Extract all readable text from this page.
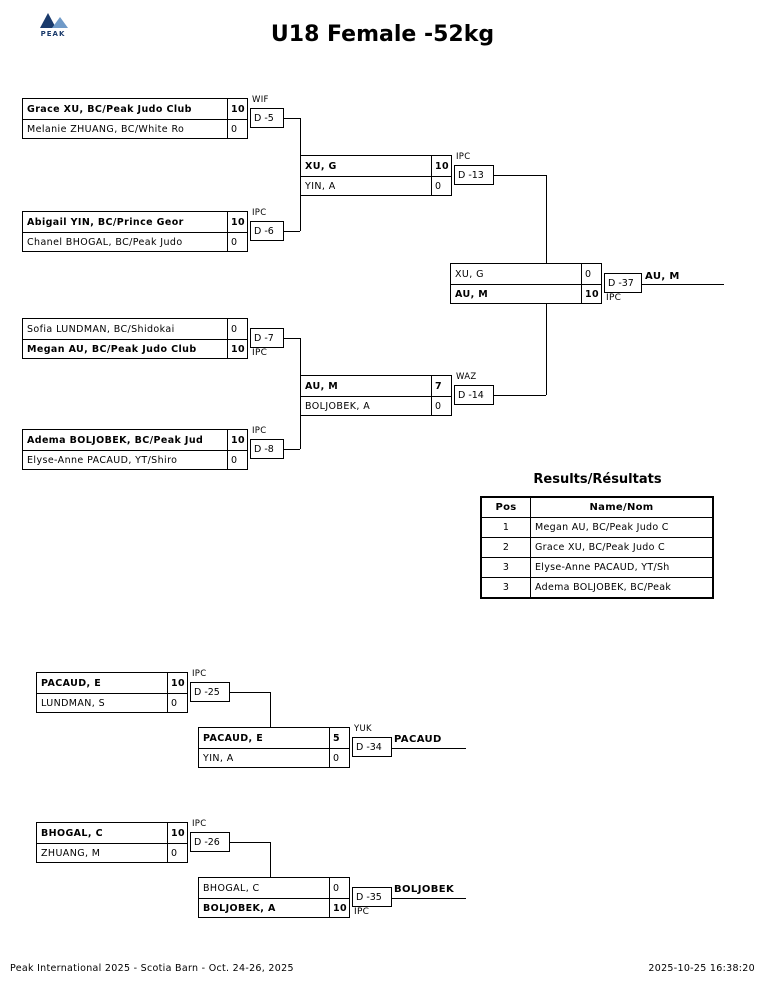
PEAK	U18 Female -52kg
Grace XU, BC/Peak Judo Club	10
Melanie ZHUANG, BC/White Ro	0
WIF
D -5
Abigail YIN, BC/Prince Geor	10
Chanel BHOGAL, BC/Peak Judo	0
IPC
D -6
Sofia LUNDMAN, BC/Shidokai	0
Megan AU, BC/Peak Judo Club	10
D -7
IPC
Adema BOLJOBEK, BC/Peak Jud	10
Elyse-Anne PACAUD, YT/Shiro	0
IPC
D -8
XU, G	10
YIN, A	0
IPC
D -13
AU, M	7
BOLJOBEK, A	0
WAZ
D -14
XU, G	0
AU, M	10
D -37
IPC
AU, M
Results/Résultats
Pos	Name/Nom
1	Megan AU, BC/Peak Judo C
2	Grace XU, BC/Peak Judo C
3	Elyse-Anne PACAUD, YT/Sh
3	Adema BOLJOBEK, BC/Peak
PACAUD, E	10
LUNDMAN, S	0
IPC
D -25
PACAUD, E	5
YIN, A	0
YUK
D -34
PACAUD
BHOGAL, C	10
ZHUANG, M	0
IPC
D -26
BHOGAL, C	0
BOLJOBEK, A	10
D -35
IPC
BOLJOBEK
Peak International 2025 - Scotia Barn - Oct. 24-26, 2025	2025-10-25 16:38:20
